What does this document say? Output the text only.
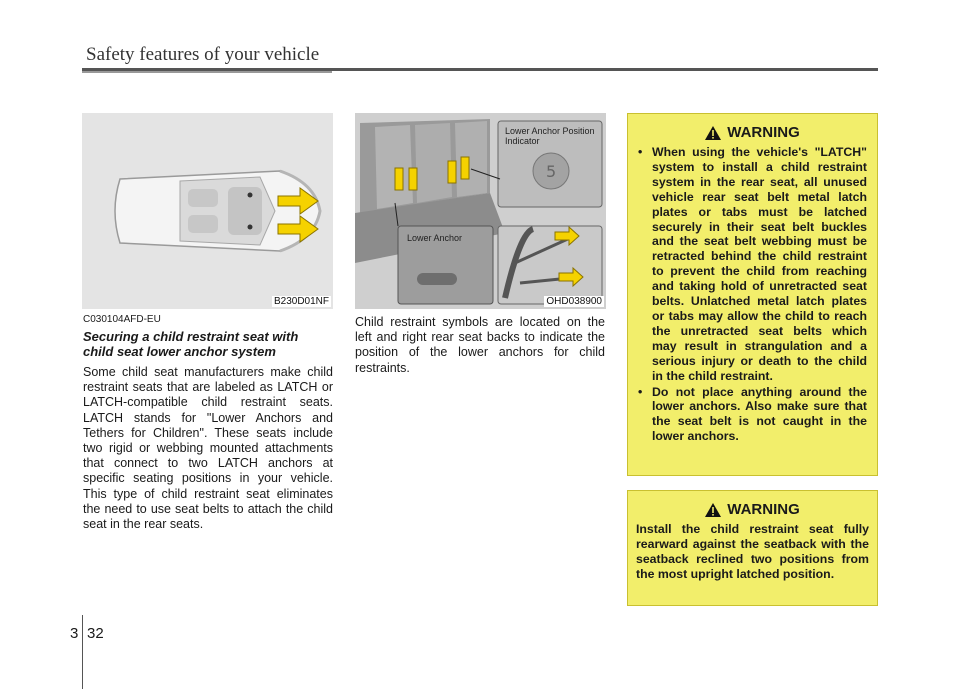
Safety features of your vehicle
B230D01NF
C030104AFD-EU
Securing a child restraint seat with child seat lower anchor system
Some child seat manufacturers make child restraint seats that are labeled as LATCH or LATCH-compatible child restraint seats. LATCH stands for "Lower Anchors and Tethers for Children". These seats include two rigid or webbing mounted attachments that connect to two LATCH anchors at specific seating positions in your vehicle. This type of child restraint seat eliminates the need to use seat belts to attach the child seat in the rear seats.
5
Lower Anchor Position Indicator
Lower Anchor
OHD038900
Child restraint symbols are located on the left and right rear seat backs to indicate the position of the lower anchors for child restraints.
WARNING
• When using the vehicle's "LATCH" system to install a child restraint system in the rear seat, all unused vehicle rear seat belt metal latch plates or tabs must be latched securely in their seat belt buckles and the seat belt webbing must be retracted behind the child restraint to prevent the child from reaching and taking hold of unretracted seat belts. Unlatched metal latch plates or tabs may allow the child to reach the unretracted seat belts which may result in strangulation and a serious injury or death to the child in the child restraint.
• Do not place anything around the lower anchors. Also make sure that the seat belt is not caught in the lower anchors.
WARNING
Install the child restraint seat fully rearward against the seatback with the seatback reclined two positions from the most upright latched position.
3 32
